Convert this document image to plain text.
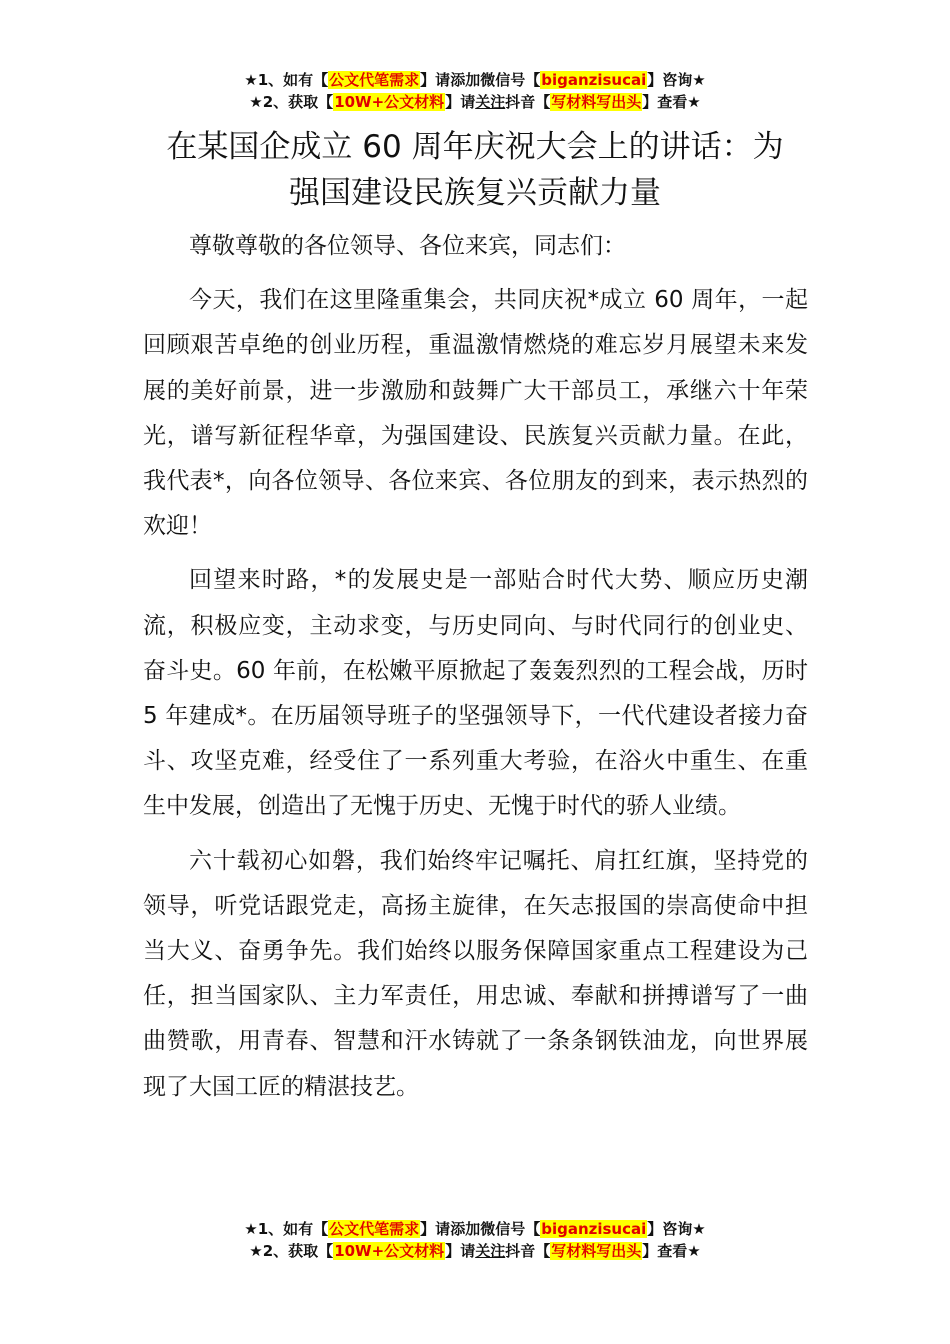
★1、如有【公文代笔需求】请添加微信号【biganzisucai】咨询★
★2、获取【10W+公文材料】请关注抖音【写材料写出头】查看★
在某国企成立 60 周年庆祝大会上的讲话：为
强国建设民族复兴贡献力量

尊敬尊敬的各位领导、各位来宾，同志们：

今天，我们在这里隆重集会，共同庆祝*成立 60 周年，一起回顾艰苦卓绝的创业历程，重温激情燃烧的难忘岁月展望未来发展的美好前景，进一步激励和鼓舞广大干部员工，承继六十年荣光，谱写新征程华章，为强国建设、民族复兴贡献力量。在此，我代表*，向各位领导、各位来宾、各位朋友的到来，表示热烈的欢迎！

回望来时路，*的发展史是一部贴合时代大势、顺应历史潮流，积极应变，主动求变，与历史同向、与时代同行的创业史、奋斗史。60 年前，在松嫩平原掀起了轰轰烈烈的工程会战，历时 5 年建成*。在历届领导班子的坚强领导下，一代代建设者接力奋斗、攻坚克难，经受住了一系列重大考验，在浴火中重生、在重生中发展，创造出了无愧于历史、无愧于时代的骄人业绩。

六十载初心如磐，我们始终牢记嘱托、肩扛红旗，坚持党的领导，听党话跟党走，高扬主旋律，在矢志报国的崇高使命中担当大义、奋勇争先。我们始终以服务保障国家重点工程建设为己任，担当国家队、主力军责任，用忠诚、奉献和拼搏谱写了一曲曲赞歌，用青春、智慧和汗水铸就了一条条钢铁油龙，向世界展现了大国工匠的精湛技艺。

★1、如有【公文代笔需求】请添加微信号【biganzisucai】咨询★
★2、获取【10W+公文材料】请关注抖音【写材料写出头】查看★
